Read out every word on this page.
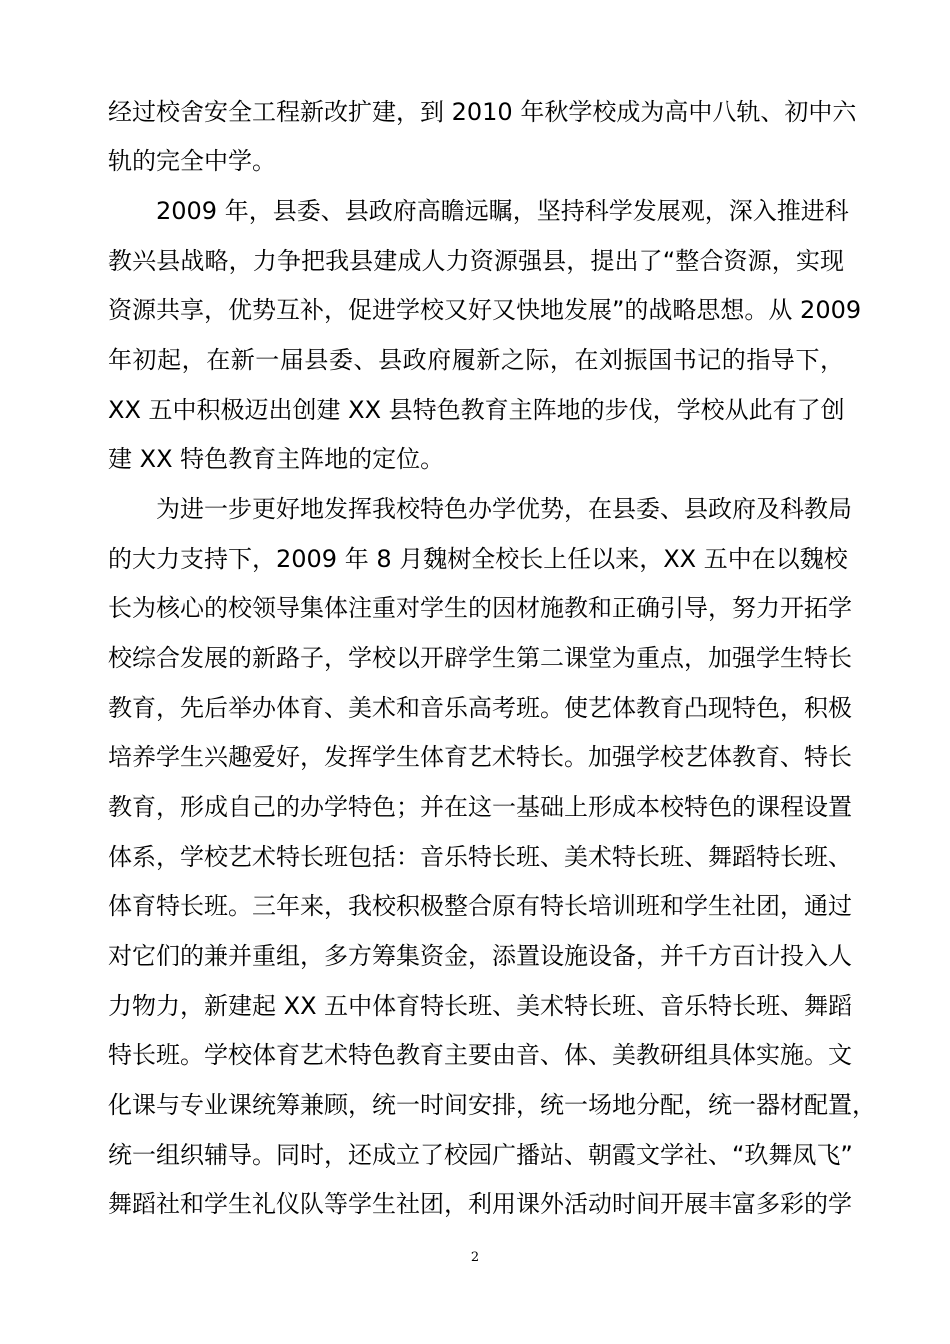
经过校舍安全工程新改扩建，到 2010 年秋学校成为高中八轨、初中六
轨的完全中学。
2009 年，县委、县政府高瞻远瞩，坚持科学发展观，深入推进科
教兴县战略，力争把我县建成人力资源强县，提出了“整合资源，实现
资源共享，优势互补，促进学校又好又快地发展”的战略思想。从 2009
年初起，在新一届县委、县政府履新之际，在刘振国书记的指导下，
XX 五中积极迈出创建 XX 县特色教育主阵地的步伐，学校从此有了创
建 XX 特色教育主阵地的定位。
为进一步更好地发挥我校特色办学优势，在县委、县政府及科教局
的大力支持下，2009 年 8 月魏树全校长上任以来，XX 五中在以魏校
长为核心的校领导集体注重对学生的因材施教和正确引导，努力开拓学
校综合发展的新路子，学校以开辟学生第二课堂为重点，加强学生特长
教育，先后举办体育、美术和音乐高考班。使艺体教育凸现特色，积极
培养学生兴趣爱好，发挥学生体育艺术特长。加强学校艺体教育、特长
教育，形成自己的办学特色；并在这一基础上形成本校特色的课程设置
体系，学校艺术特长班包括：音乐特长班、美术特长班、舞蹈特长班、
体育特长班。三年来，我校积极整合原有特长培训班和学生社团，通过
对它们的兼并重组，多方筹集资金，添置设施设备，并千方百计投入人
力物力，新建起 XX 五中体育特长班、美术特长班、音乐特长班、舞蹈
特长班。学校体育艺术特色教育主要由音、体、美教研组具体实施。文
化课与专业课统筹兼顾，统一时间安排，统一场地分配，统一器材配置，
统一组织辅导。同时，还成立了校园广播站、朝霞文学社、“玖舞凤飞”
舞蹈社和学生礼仪队等学生社团，利用课外活动时间开展丰富多彩的学
2
